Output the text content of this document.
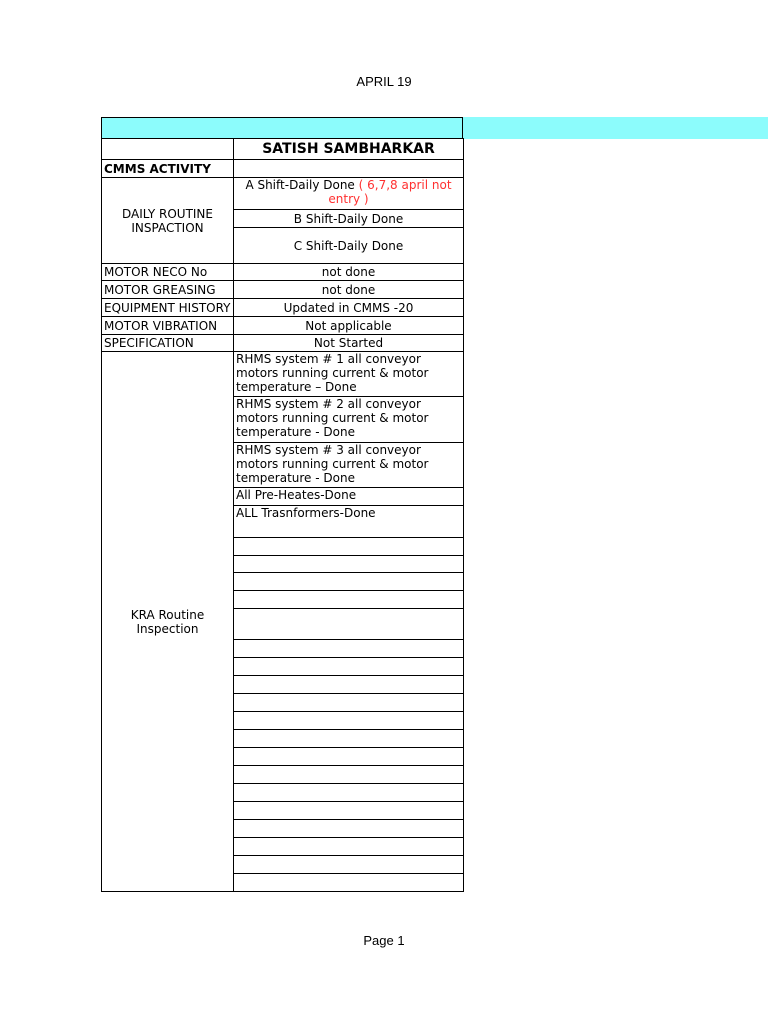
APRIL 19
	SATISH SAMBHARKAR
CMMS ACTIVITY	
DAILY ROUTINE INSPACTION	A Shift-Daily Done ( 6,7,8 april not entry )
	B Shift-Daily Done
	C Shift-Daily Done
MOTOR NECO No	not done
MOTOR GREASING	not done
EQUIPMENT HISTORY	Updated in CMMS -20
MOTOR VIBRATION	Not applicable
SPECIFICATION	Not Started
KRA Routine Inspection	RHMS system # 1 all conveyor motors running current & motor temperature – Done
	RHMS system # 2 all conveyor motors running current & motor temperature - Done
	RHMS system # 3 all conveyor motors running current & motor temperature - Done
	All Pre-Heates-Done
	ALL Trasnformers-Done

Page 1
